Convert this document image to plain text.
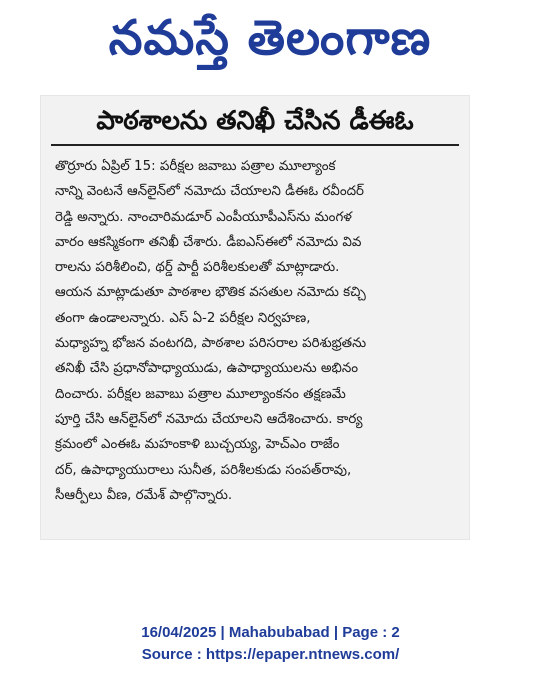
నమస్తే తెలంగాణ
పాఠశాలను తనిఖీ చేసిన డీఈఓ
తొర్రూరు ఏప్రిల్ 15: పరీక్షల జవాబు పత్రాల మూల్యాంక
నాన్ని వెంటనే ఆన్‌లైన్‌లో నమోదు చేయాలని డీఈఓ రవీందర్
రెడ్డి అన్నారు. నాంచారిమడూర్ ఎంపీయూపీఎస్‌ను మంగళ
వారం ఆకస్మికంగా తనిఖీ చేశారు. డీఐఎస్‌ఈలో నమోదు వివ
రాలను పరిశీలించి, థర్డ్ పార్టీ పరిశీలకులతో మాట్లాడారు.
ఆయన మాట్లాడుతూ పాఠశాల భౌతిక వసతుల నమోదు కచ్చి
తంగా ఉండాలన్నారు. ఎస్ ఏ-2 పరీక్షల నిర్వహణ,
మధ్యాహ్న భోజన వంటగది, పాఠశాల పరిసరాల పరిశుభ్రతను
తనిఖీ చేసి ప్రధానోపాధ్యాయుడు, ఉపాధ్యాయులను అభినం
దించారు. పరీక్షల జవాబు పత్రాల మూల్యాంకనం తక్షణమే
పూర్తి చేసి ఆన్‌లైన్‌లో నమోదు చేయాలని ఆదేశించారు. కార్య
క్రమంలో ఎంఈఓ మహంకాళి బుచ్చయ్య, హెచ్ఎం రాజేం
దర్, ఉపాధ్యాయురాలు సునీత, పరిశీలకుడు సంపత్‌రావు,
సీఆర్పీలు వీణ, రమేశ్ పాల్గొన్నారు.
16/04/2025 | Mahabubabad | Page : 2
Source : https://epaper.ntnews.com/
